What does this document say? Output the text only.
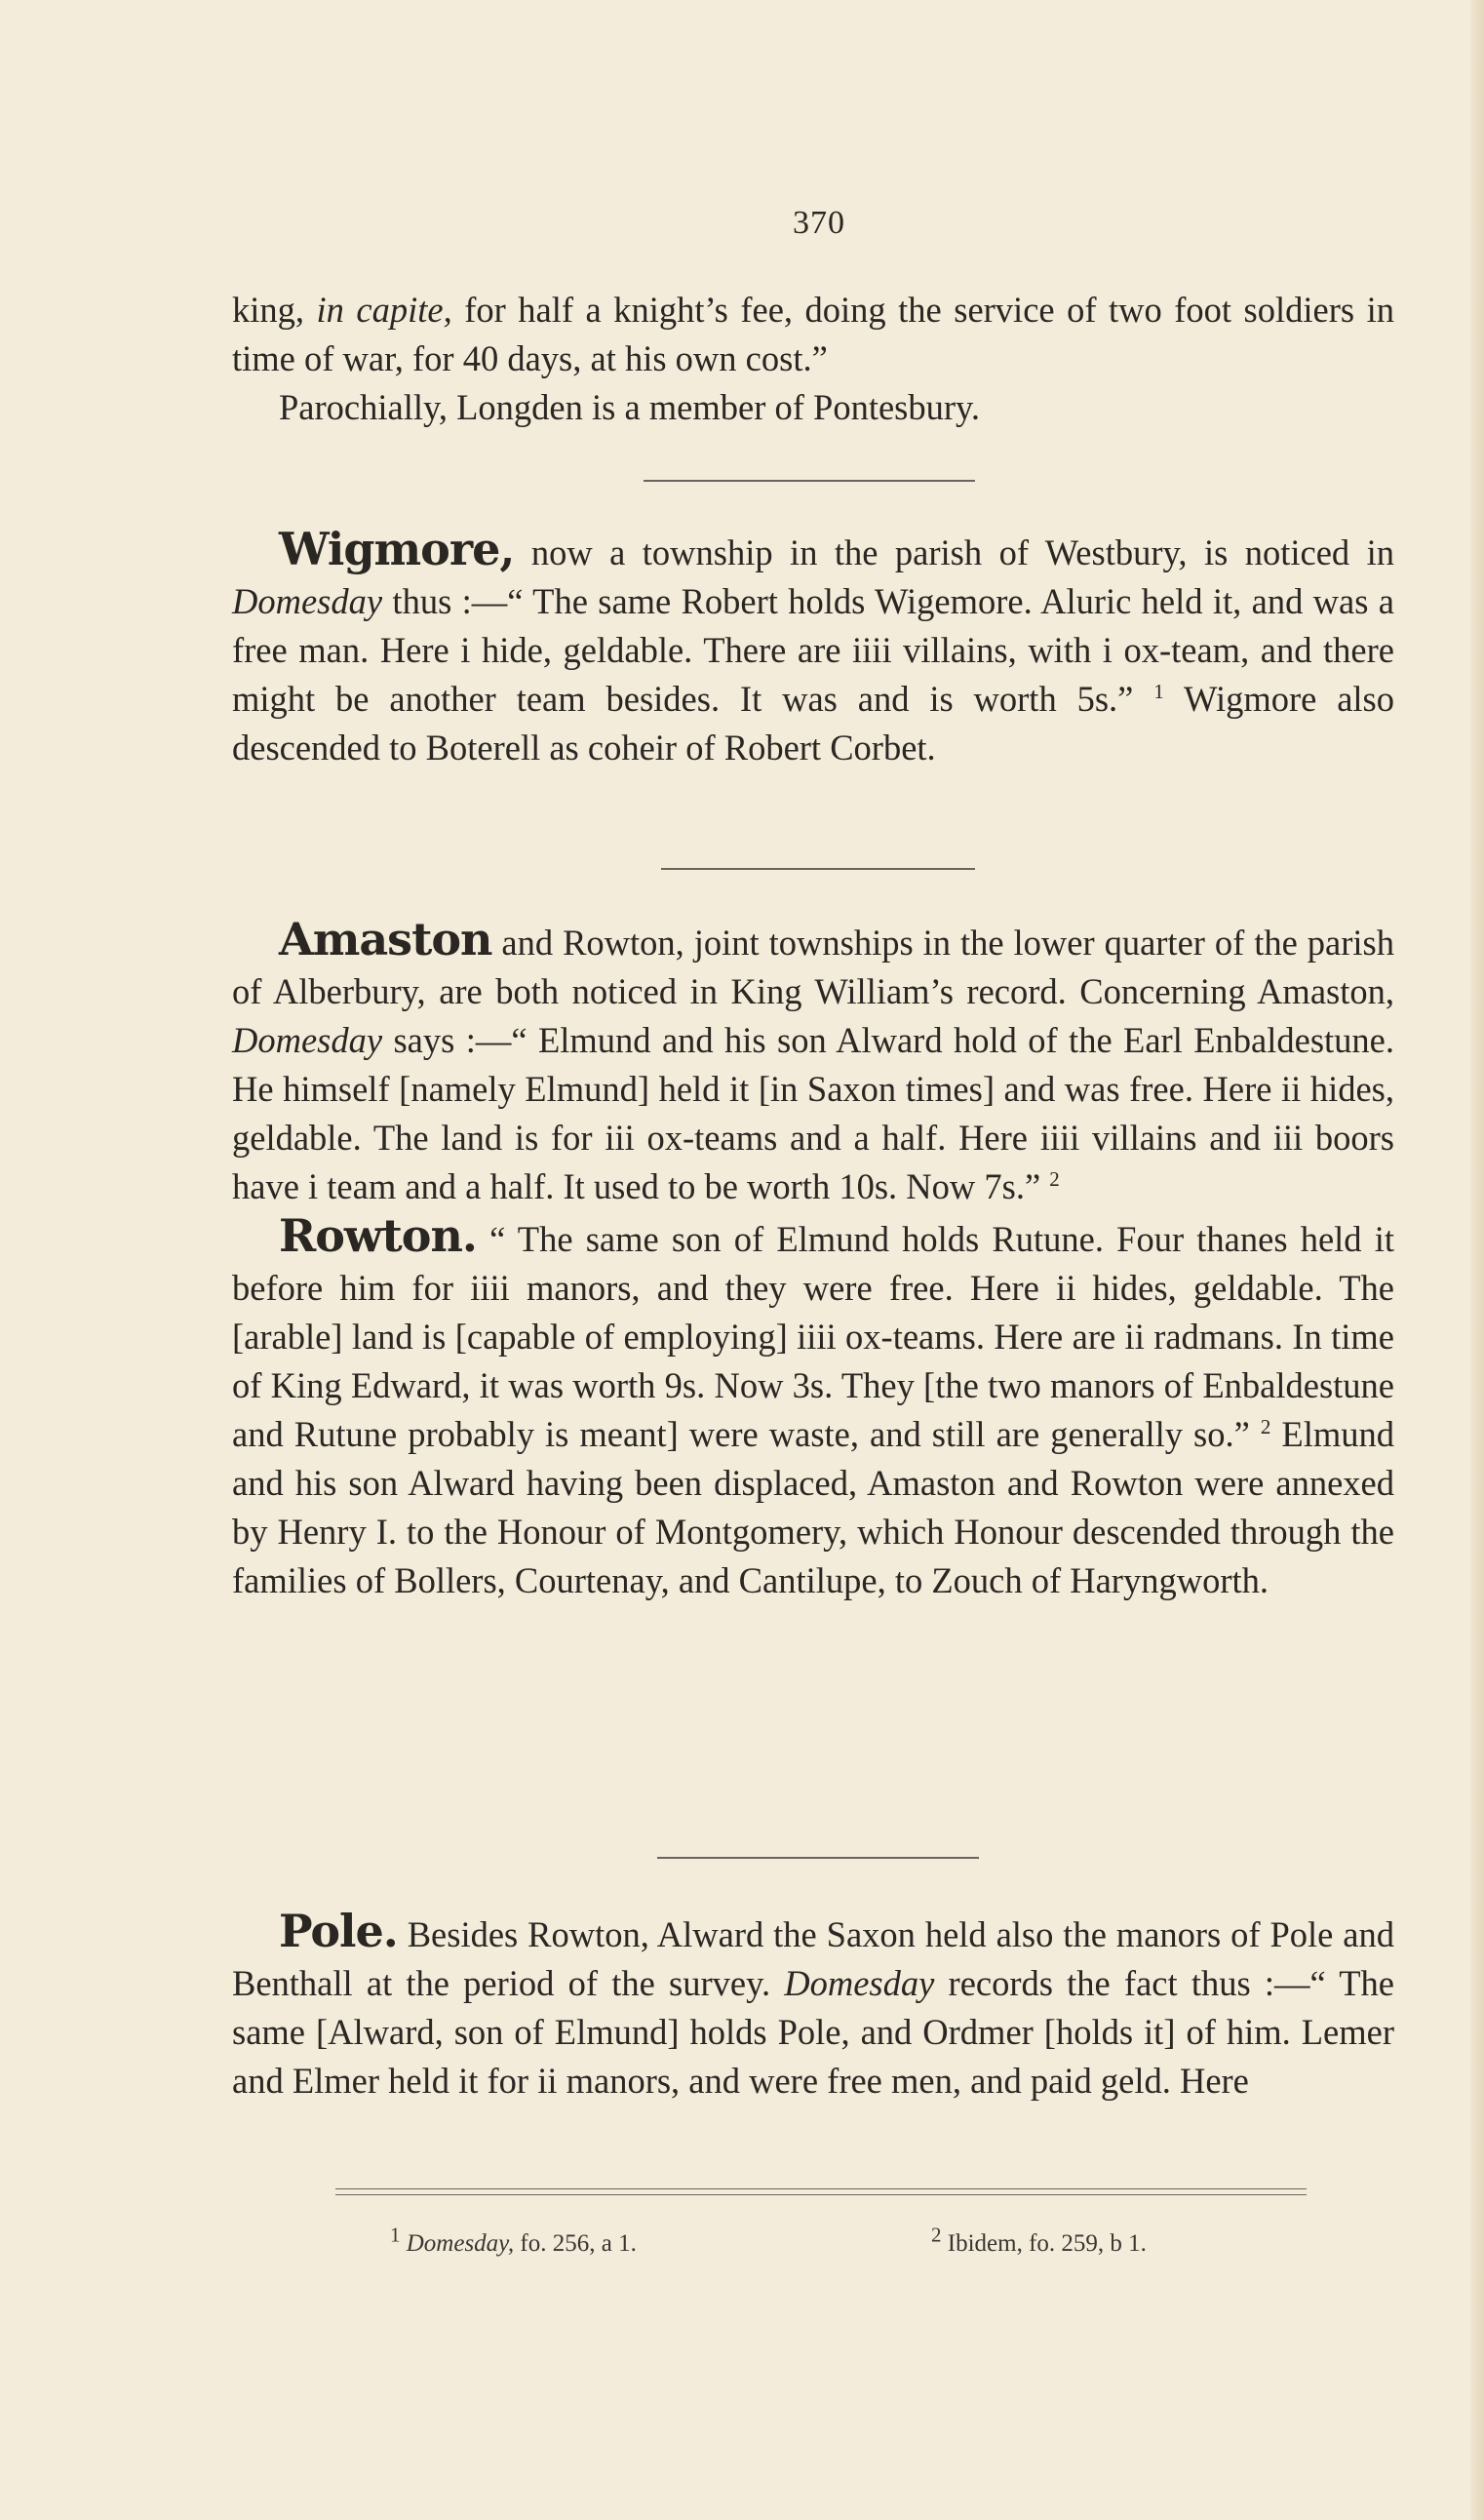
370

king, in capite, for half a knight’s fee, doing the service of two foot soldiers in time of war, for 40 days, at his own cost.”

Parochially, Longden is a member of Pontesbury.

Wigmore, now a township in the parish of Westbury, is noticed in Domesday thus :—“ The same Robert holds Wigemore. Aluric held it, and was a free man. Here i hide, geldable. There are iiii villains, with i ox-team, and there might be another team besides. It was and is worth 5s.” $^1$ Wigmore also descended to Boterell as coheir of Robert Corbet.

Amaston and Rowton, joint townships in the lower quarter of the parish of Alberbury, are both noticed in King William’s record. Concerning Amaston, Domesday says :—“ Elmund and his son Alward hold of the Earl Enbaldestune. He himself [namely Elmund] held it [in Saxon times] and was free. Here ii hides, geldable. The land is for iii ox-teams and a half. Here iiii villains and iii boors have i team and a half. It used to be worth 10s. Now 7s.” $^2$

Rowton. “ The same son of Elmund holds Rutune. Four thanes held it before him for iiii manors, and they were free. Here ii hides, geldable. The [arable] land is [capable of employing] iiii ox-teams. Here are ii radmans. In time of King Edward, it was worth 9s. Now 3s. They [the two manors of Enbaldestune and Rutune probably is meant] were waste, and still are generally so.” $^2$ Elmund and his son Alward having been displaced, Amaston and Rowton were annexed by Henry I. to the Honour of Montgomery, which Honour descended through the families of Bollers, Courtenay, and Cantilupe, to Zouch of Haryngworth.

Pole. Besides Rowton, Alward the Saxon held also the manors of Pole and Benthall at the period of the survey. Domesday records the fact thus :—“ The same [Alward, son of Elmund] holds Pole, and Ordmer [holds it] of him. Lemer and Elmer held it for ii manors, and were free men, and paid geld. Here

$^1$ Domesday, fo. 256, a 1.	$^2$ Ibidem, fo. 259, b 1.
